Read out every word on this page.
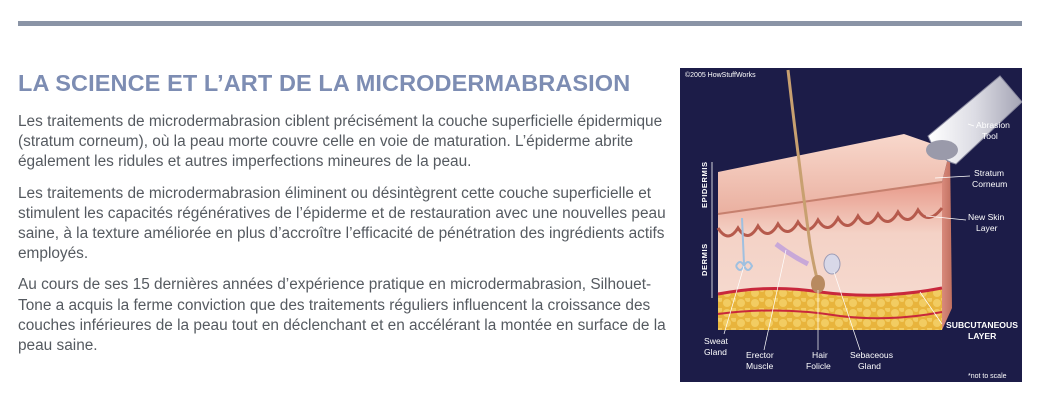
LA SCIENCE ET L’ART DE LA MICRODERMABRASION

Les traitements de microdermabrasion ciblent précisément la couche superficielle épidermique (stratum corneum), où la peau morte couvre celle en voie de maturation. L’épiderme abrite également les ridules et autres imperfections mineures de la peau.

Les traitements de microdermabrasion éliminent ou désintègrent cette couche superficielle et stimulent les capacités régénératives de l’épiderme et de restauration avec une nouvelles peau saine, à la texture améliorée en plus d’accroître l’efficacité de pénétration des ingrédients actifs employés.

Au cours de ses 15 dernières années d’expérience pratique en microdermabrasion, Silhouet-Tone a acquis la ferme conviction que des traitements réguliers influencent la croissance des couches inférieures de la peau tout en déclenchant et en accélérant la montée en surface de la peau saine.

©2005 HowStuffWorks
EPIDERMIS
DERMIS
Abrasion Tool
Stratum Corneum
New Skin Layer
SUBCUTANEOUS LAYER
Sweat Gland	Erector Muscle
Hair Folicle
Sebaceous Gland
*not to scale
